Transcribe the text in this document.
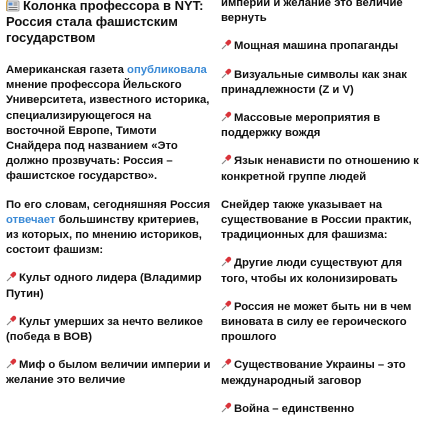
Колонка профессора в NYT: Россия стала фашистским государством
Американская газета опубликовала мнение профессора Йельского Университета, известного историка, специализирующегося на восточной Европе, Тимоти Снайдера под названием «Это должно прозвучать: Россия – фашистское государство».
По его словам, сегодняшняя Россия отвечает большинству критериев, из которых, по мнению историков, состоит фашизм:
Культ одного лидера (Владимир Путин)
Культ умерших за нечто великое (победа в ВОВ)
Миф о былом величии империи и желание это величие
империи и желание это величие вернуть
Мощная машина пропаганды
Визуальные символы как знак принадлежности (Z и V)
Массовые мероприятия в поддержку вождя
Язык ненависти по отношению к конкретной группе людей
Снейдер также указывает на существование в России практик, традиционных для фашизма:
Другие люди существуют для того, чтобы их колонизировать
Россия не может быть ни в чем виновата в силу ее героического прошлого
Существование Украины – это международный заговор
Война – единственно
